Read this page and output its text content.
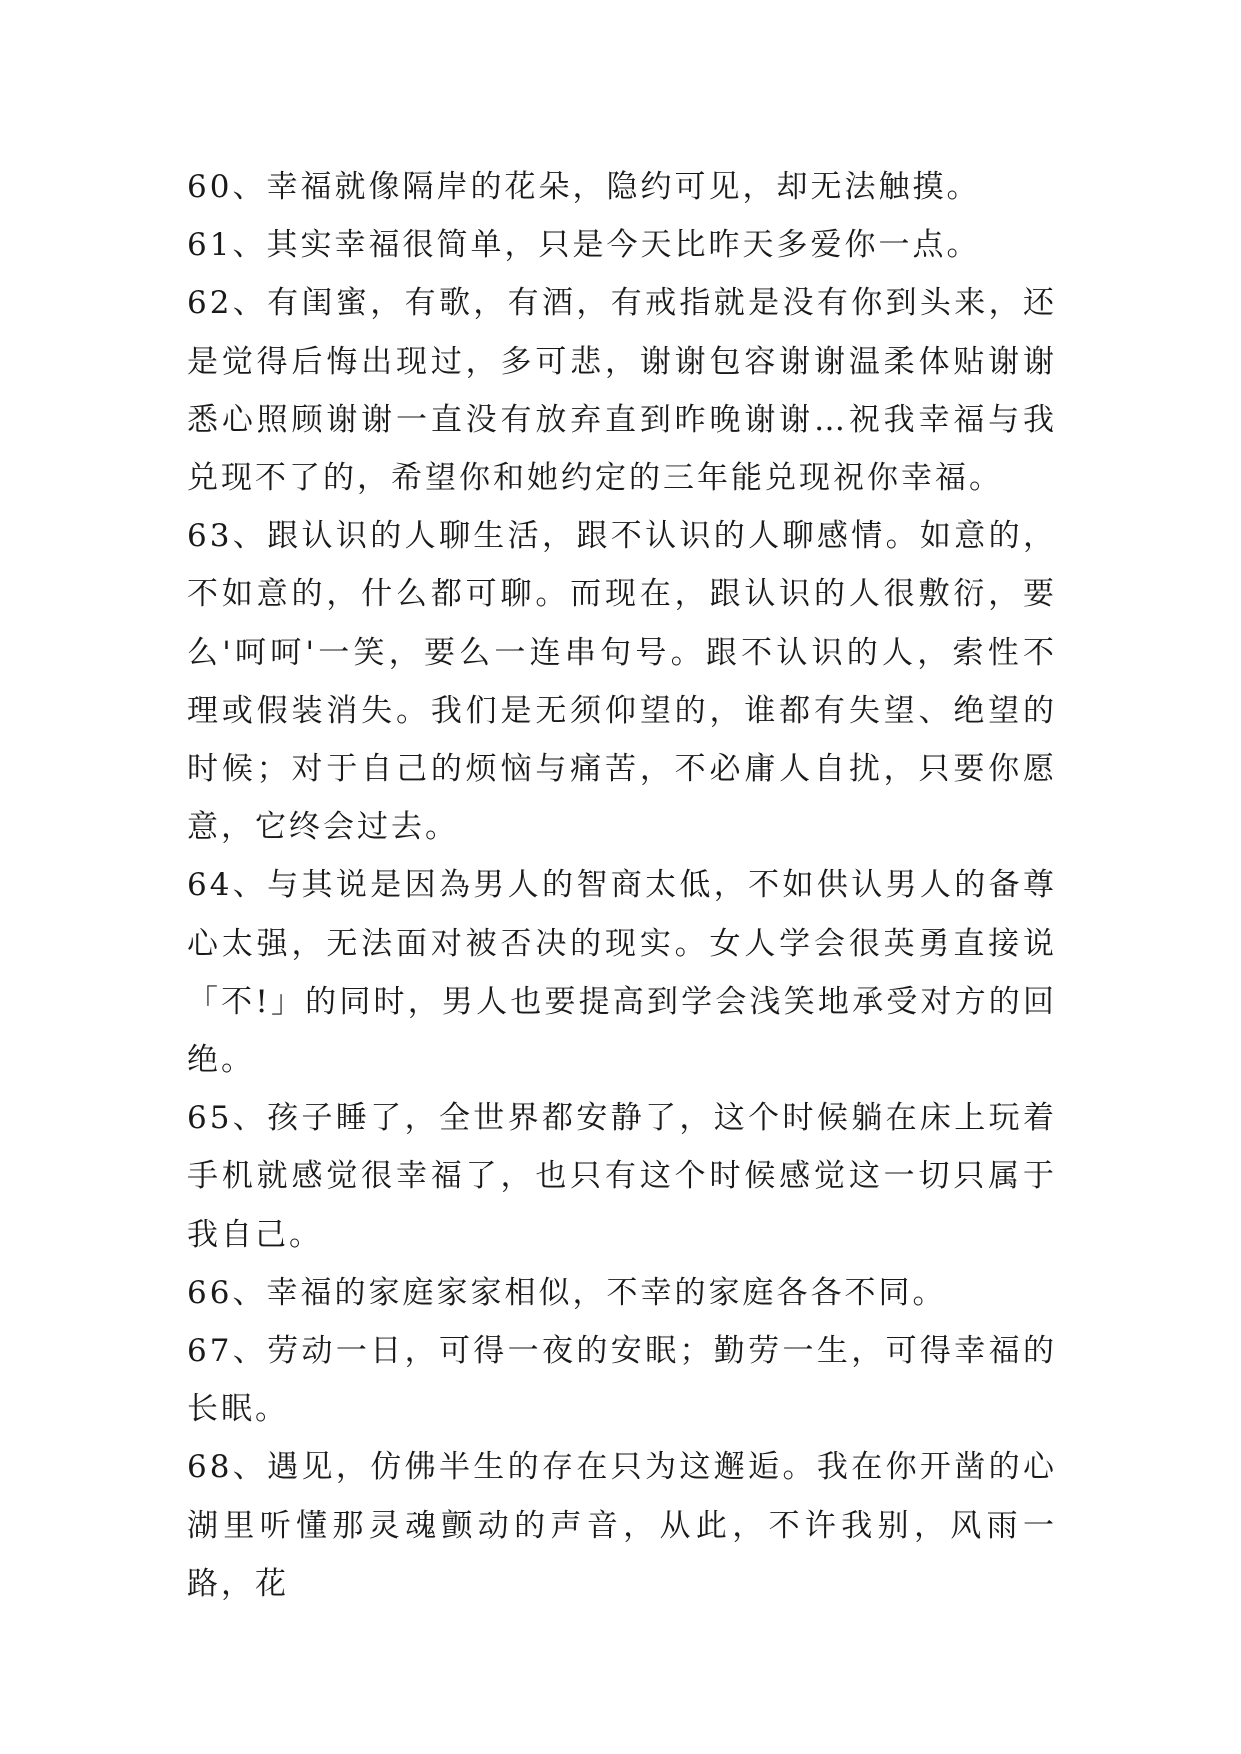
60、幸福就像隔岸的花朵，隐约可见，却无法触摸。

61、其实幸福很简单，只是今天比昨天多爱你一点。

62、有闺蜜，有歌，有酒，有戒指就是没有你到头来，还是觉得后悔出现过，多可悲，谢谢包容谢谢温柔体贴谢谢悉心照顾谢谢一直没有放弃直到昨晚谢谢…祝我幸福与我兑现不了的，希望你和她约定的三年能兑现祝你幸福。

63、跟认识的人聊生活，跟不认识的人聊感情。如意的，不如意的，什么都可聊。而现在，跟认识的人很敷衍，要么'呵呵'一笑，要么一连串句号。跟不认识的人，索性不理或假装消失。我们是无须仰望的，谁都有失望、绝望的时候；对于自己的烦恼与痛苦，不必庸人自扰，只要你愿意，它终会过去。

64、与其说是因為男人的智商太低，不如供认男人的备尊心太强，无法面对被否决的现实。女人学会很英勇直接说「不!」的同时，男人也要提高到学会浅笑地承受对方的回绝。

65、孩子睡了，全世界都安静了，这个时候躺在床上玩着手机就感觉很幸福了，也只有这个时候感觉这一切只属于我自己。

66、幸福的家庭家家相似，不幸的家庭各各不同。

67、劳动一日，可得一夜的安眠；勤劳一生，可得幸福的长眠。

68、遇见，仿佛半生的存在只为这邂逅。我在你开凿的心湖里听懂那灵魂颤动的声音，从此，不许我别，风雨一路，花
